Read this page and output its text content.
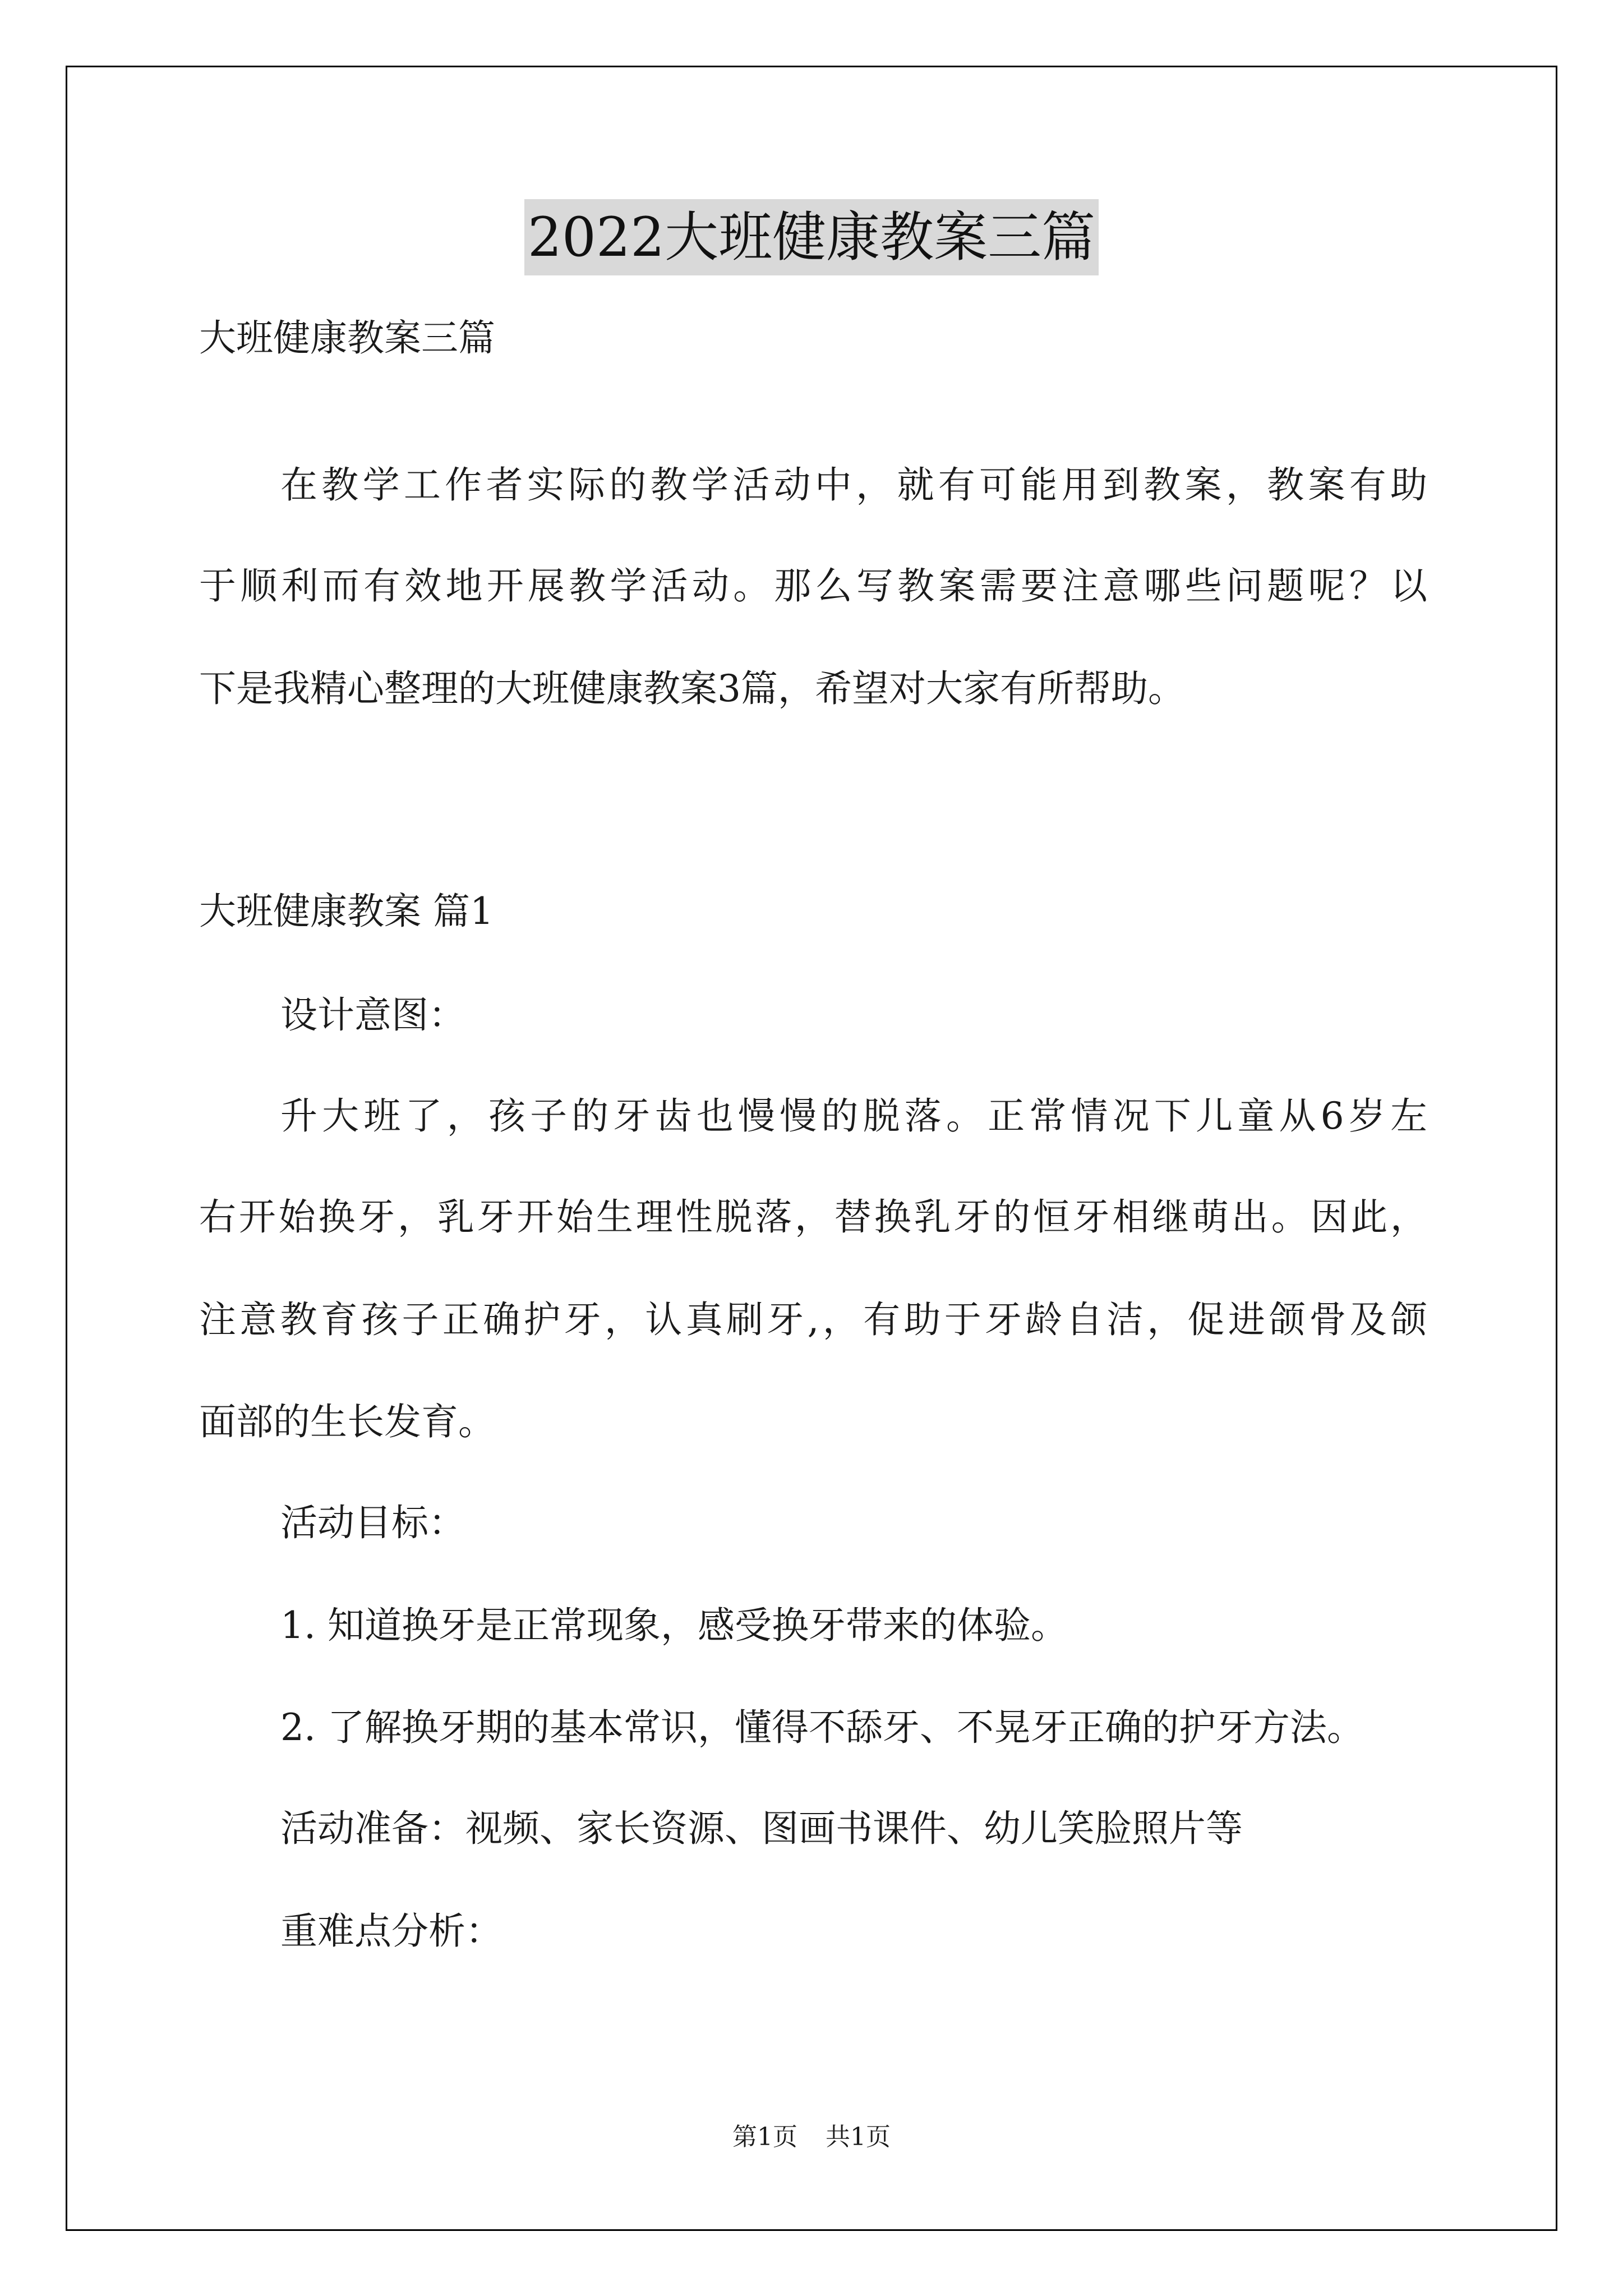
2022大班健康教案三篇

大班健康教案三篇

在教学工作者实际的教学活动中，就有可能用到教案，教案有助

于顺利而有效地开展教学活动。那么写教案需要注意哪些问题呢？以

下是我精心整理的大班健康教案3篇，希望对大家有所帮助。

大班健康教案 篇1

设计意图：

升大班了，孩子的牙齿也慢慢的脱落。正常情况下儿童从6岁左

右开始换牙，乳牙开始生理性脱落，替换乳牙的恒牙相继萌出。因此，

注意教育孩子正确护牙，认真刷牙,，有助于牙龄自洁，促进颌骨及颌

面部的生长发育。

活动目标：

1. 知道换牙是正常现象，感受换牙带来的体验。

2. 了解换牙期的基本常识，懂得不舔牙、不晃牙正确的护牙方法。

活动准备：视频、家长资源、图画书课件、幼儿笑脸照片等

重难点分析：

第1页 共1页
